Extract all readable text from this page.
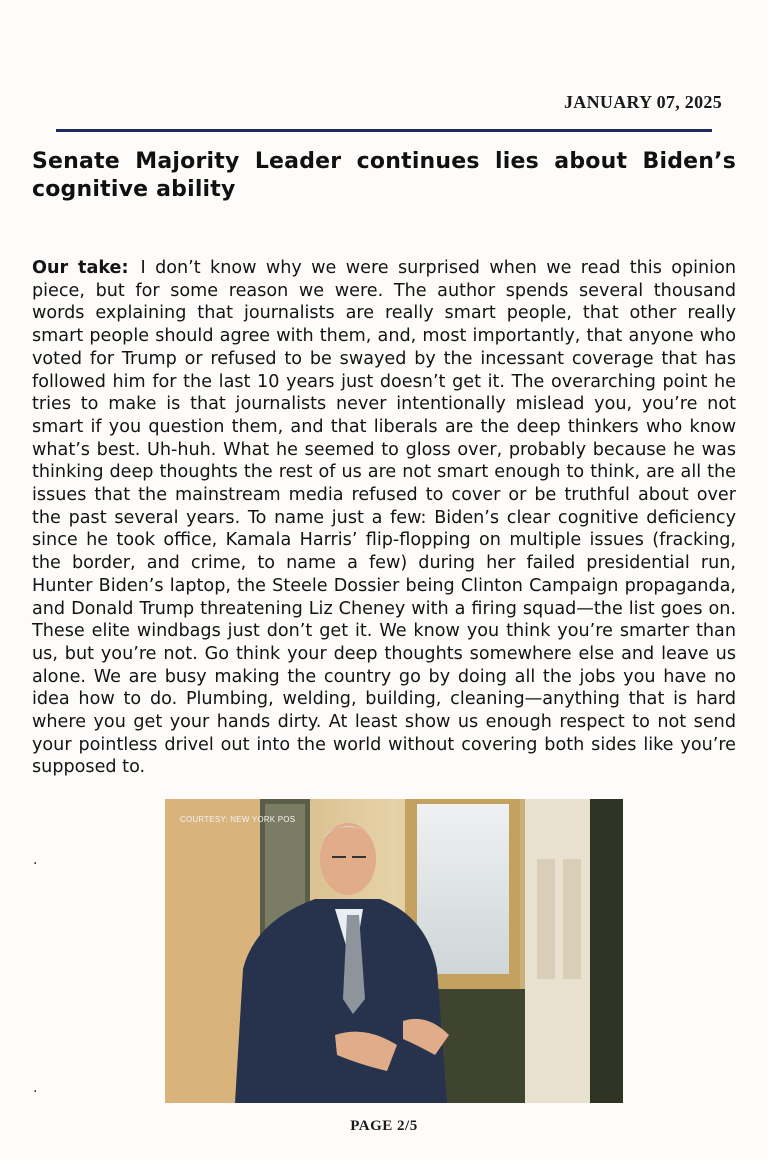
JANUARY 07, 2025
Senate Majority Leader continues lies about Biden’s cognitive ability

Our take: I don’t know why we were surprised when we read this opinion piece, but for some reason we were. The author spends several thousand words explaining that journalists are really smart people, that other really smart people should agree with them, and, most importantly, that anyone who voted for Trump or refused to be swayed by the incessant coverage that has followed him for the last 10 years just doesn’t get it. The overarching point he tries to make is that journalists never intentionally mislead you, you’re not smart if you question them, and that liberals are the deep thinkers who know what’s best. Uh-huh. What he seemed to gloss over, probably because he was thinking deep thoughts the rest of us are not smart enough to think, are all the issues that the mainstream media refused to cover or be truthful about over the past several years. To name just a few: Biden’s clear cognitive deficiency since he took office, Kamala Harris’ flip-flopping on multiple issues (fracking, the border, and crime, to name a few) during her failed presidential run, Hunter Biden’s laptop, the Steele Dossier being Clinton Campaign propaganda, and Donald Trump threatening Liz Cheney with a firing squad—the list goes on. These elite windbags just don’t get it. We know you think you’re smarter than us, but you’re not. Go think your deep thoughts somewhere else and leave us alone. We are busy making the country go by doing all the jobs you have no idea how to do. Plumbing, welding, building, cleaning—anything that is hard where you get your hands dirty. At least show us enough respect to not send your pointless drivel out into the world without covering both sides like you’re supposed to.

.
.
COURTESY: NEW YORK POS
PAGE 2/5
